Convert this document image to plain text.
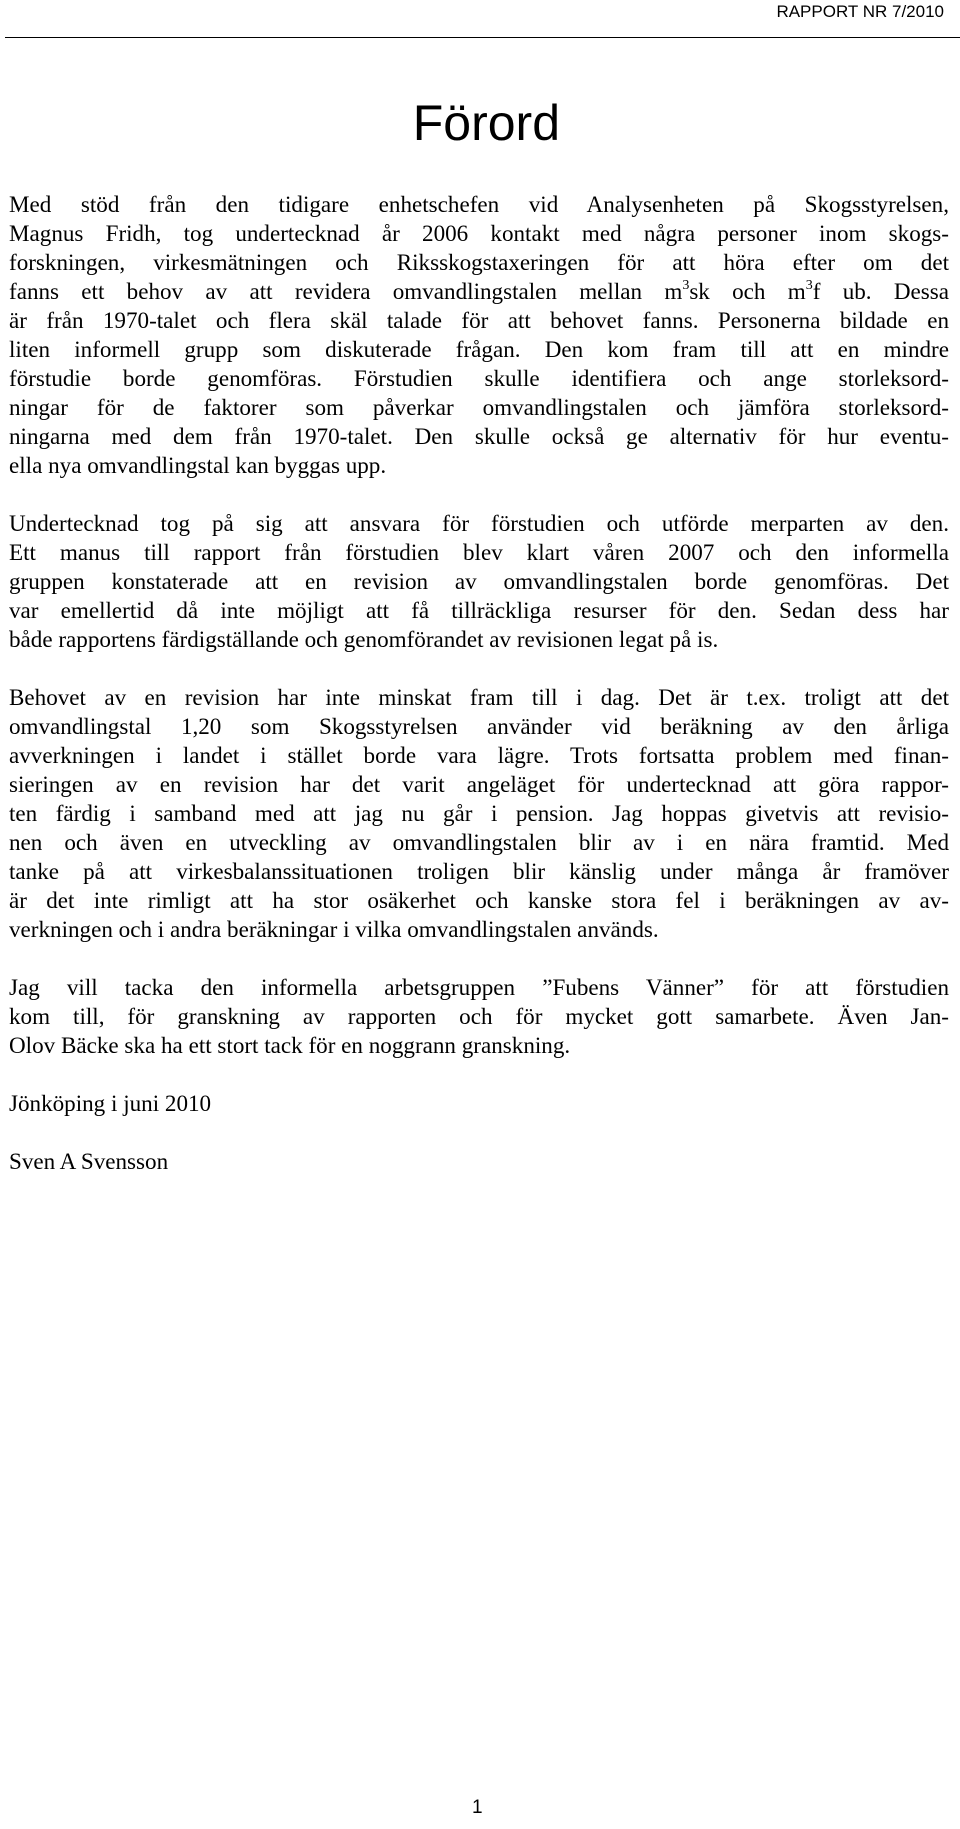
RAPPORT NR 7/2010
Förord

Med stöd från den tidigare enhetschefen vid Analysenheten på Skogsstyrelsen,
Magnus Fridh, tog undertecknad år 2006 kontakt med några personer inom skogs-
forskningen, virkesmätningen och Riksskogstaxeringen för att höra efter om det
fanns ett behov av att revidera omvandlingstalen mellan $m^3sk$ och $m^3f$ ub. Dessa
är från 1970-talet och flera skäl talade för att behovet fanns. Personerna bildade en
liten informell grupp som diskuterade frågan. Den kom fram till att en mindre
förstudie borde genomföras. Förstudien skulle identifiera och ange storleksord-
ningar för de faktorer som påverkar omvandlingstalen och jämföra storleksord-
ningarna med dem från 1970-talet. Den skulle också ge alternativ för hur eventu-
ella nya omvandlingstal kan byggas upp.

Undertecknad tog på sig att ansvara för förstudien och utförde merparten av den.
Ett manus till rapport från förstudien blev klart våren 2007 och den informella
gruppen konstaterade att en revision av omvandlingstalen borde genomföras. Det
var emellertid då inte möjligt att få tillräckliga resurser för den. Sedan dess har
både rapportens färdigställande och genomförandet av revisionen legat på is.

Behovet av en revision har inte minskat fram till i dag. Det är t.ex. troligt att det
omvandlingstal 1,20 som Skogsstyrelsen använder vid beräkning av den årliga
avverkningen i landet i stället borde vara lägre. Trots fortsatta problem med finan-
sieringen av en revision har det varit angeläget för undertecknad att göra rappor-
ten färdig i samband med att jag nu går i pension. Jag hoppas givetvis att revisio-
nen och även en utveckling av omvandlingstalen blir av i en nära framtid. Med
tanke på att virkesbalanssituationen troligen blir känslig under många år framöver
är det inte rimligt att ha stor osäkerhet och kanske stora fel i beräkningen av av-
verkningen och i andra beräkningar i vilka omvandlingstalen används.

Jag vill tacka den informella arbetsgruppen ”Fubens Vänner” för att förstudien
kom till, för granskning av rapporten och för mycket gott samarbete. Även Jan-
Olov Bäcke ska ha ett stort tack för en noggrann granskning.

Jönköping i juni 2010

Sven A Svensson

1
